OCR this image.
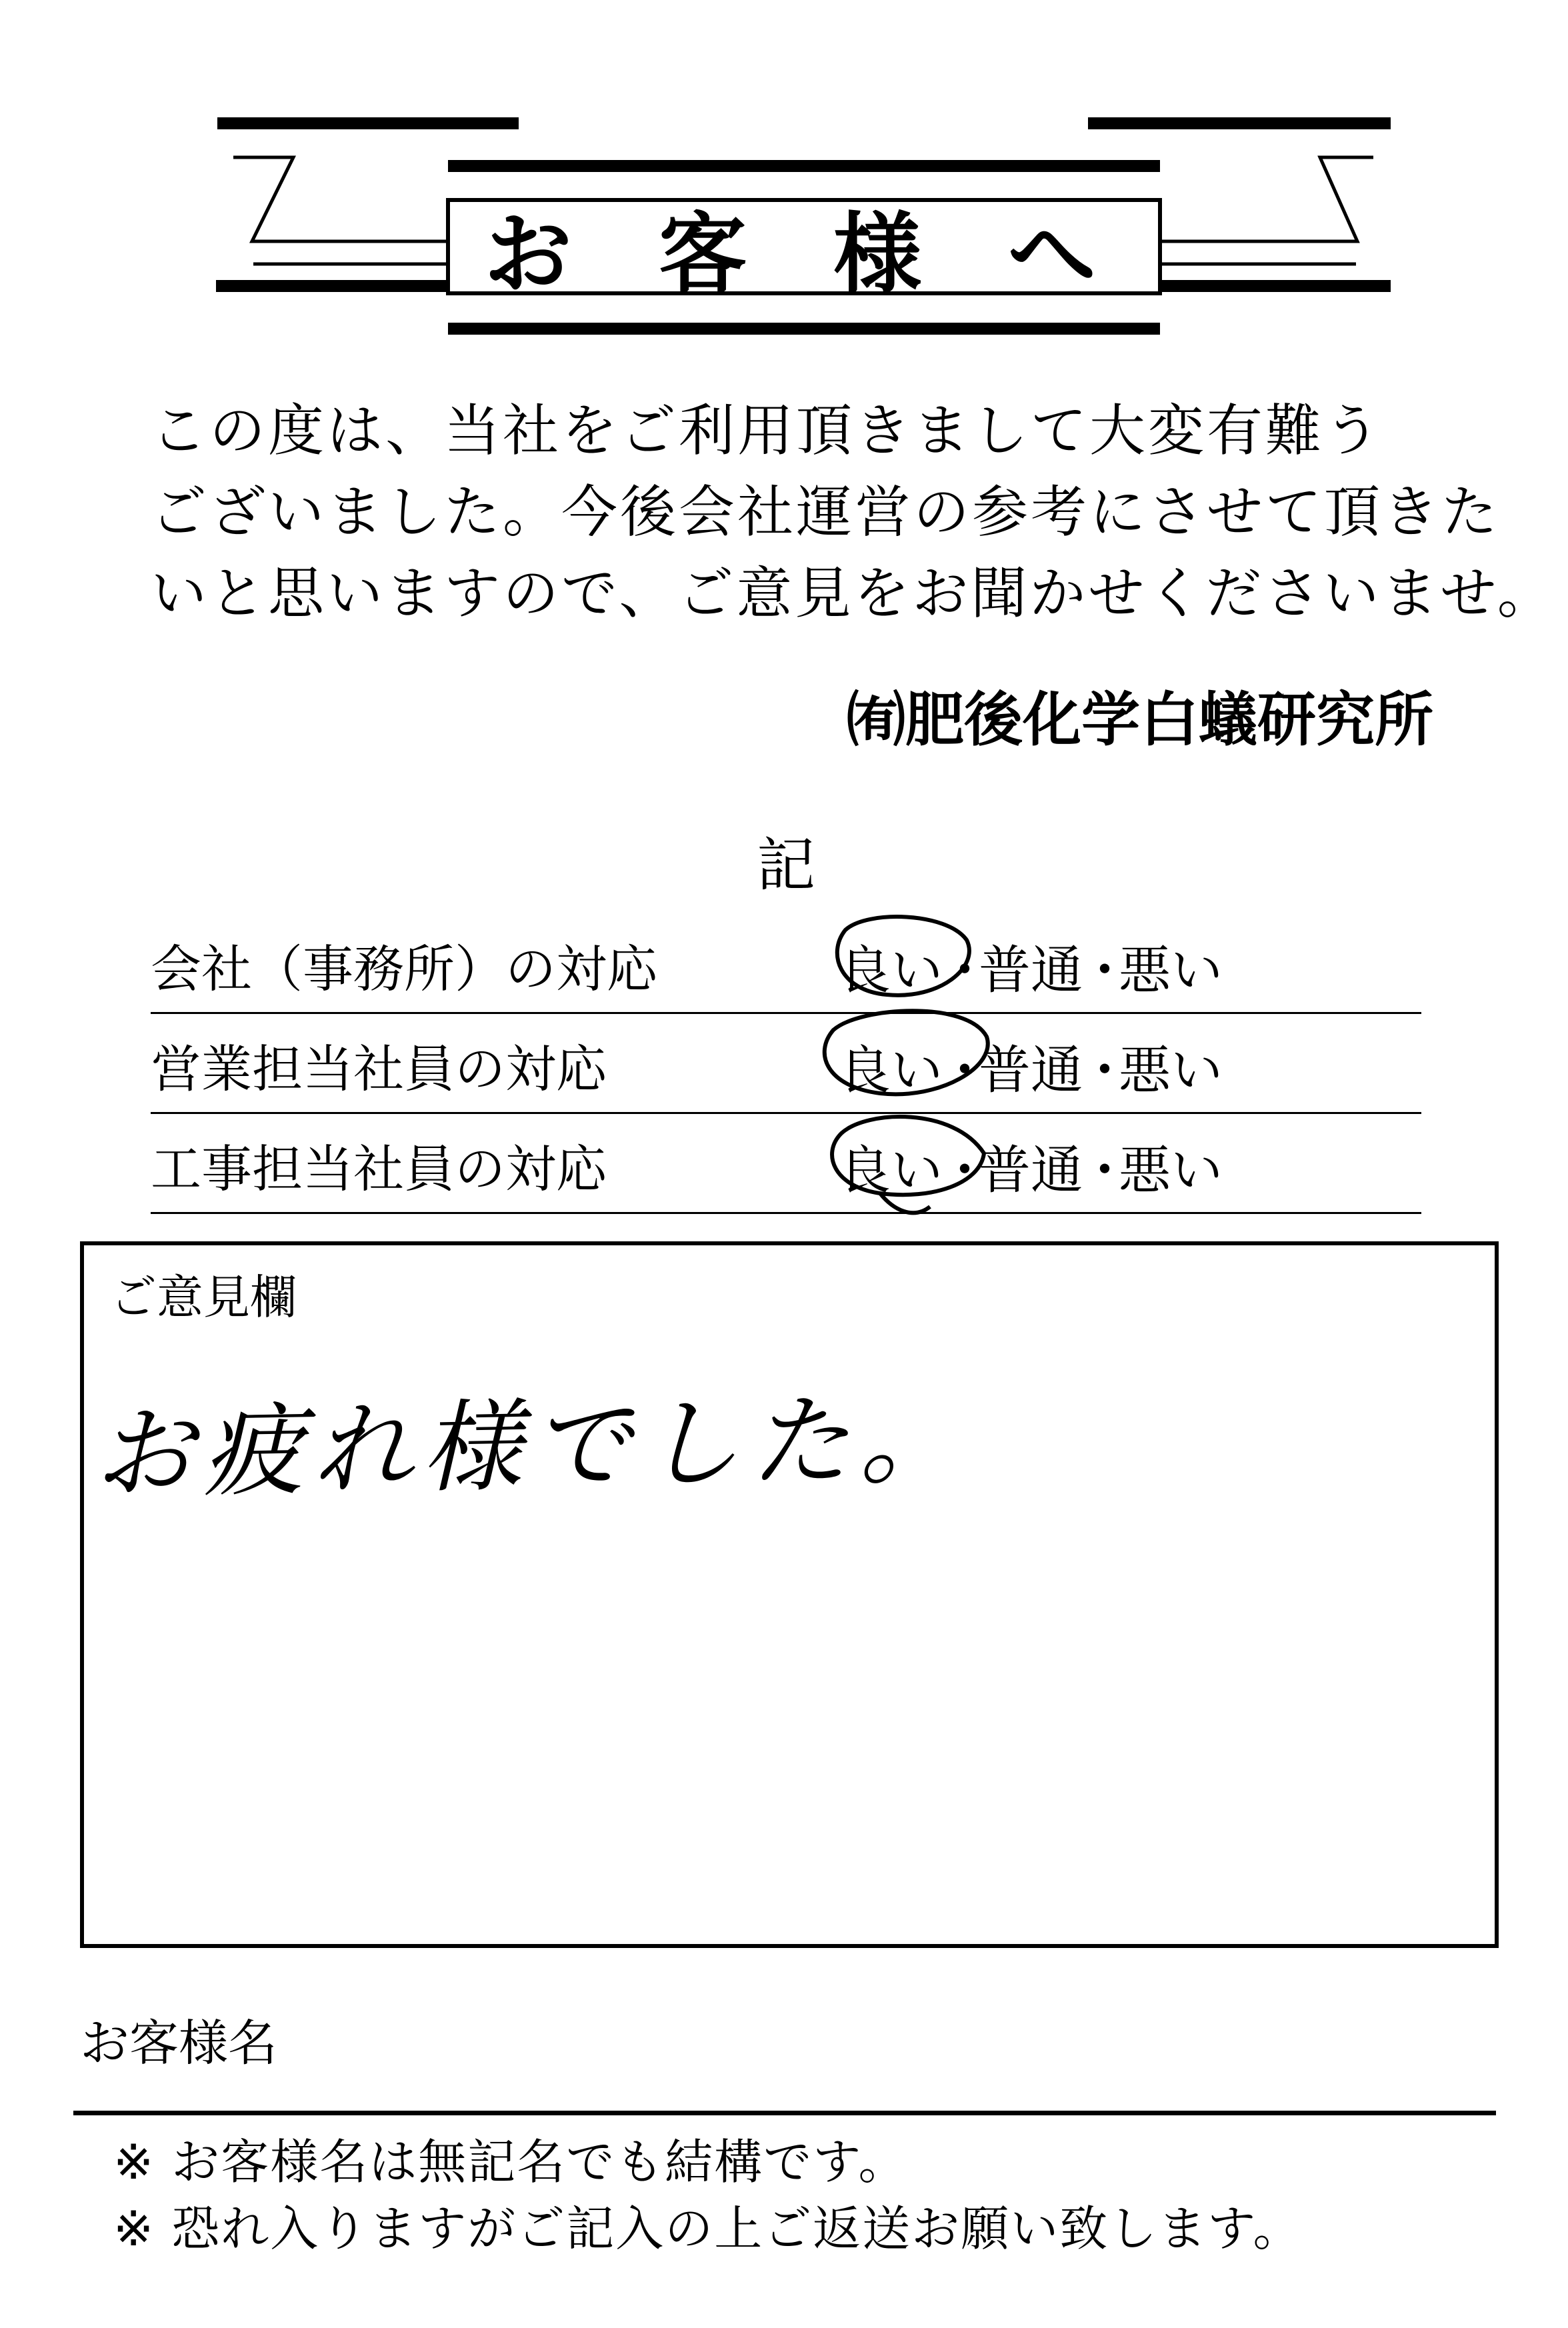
お 客 様 へ
この度は、当社をご利用頂きまして大変有難う
ございました。今後会社運営の参考にさせて頂きた
いと思いますので、ご意見をお聞かせくださいませ。
㈲肥後化学白蟻研究所
記
会社（事務所）の対応	良い
・
普通
・
悪い
営業担当社員の対応	良い
・
普通
・
悪い
工事担当社員の対応	良い
・
普通
・
悪い
ご意見欄
お疲れ様でした。
お客様名
※ お客様名は無記名でも結構です。
※ 恐れ入りますがご記入の上ご返送お願い致します。
